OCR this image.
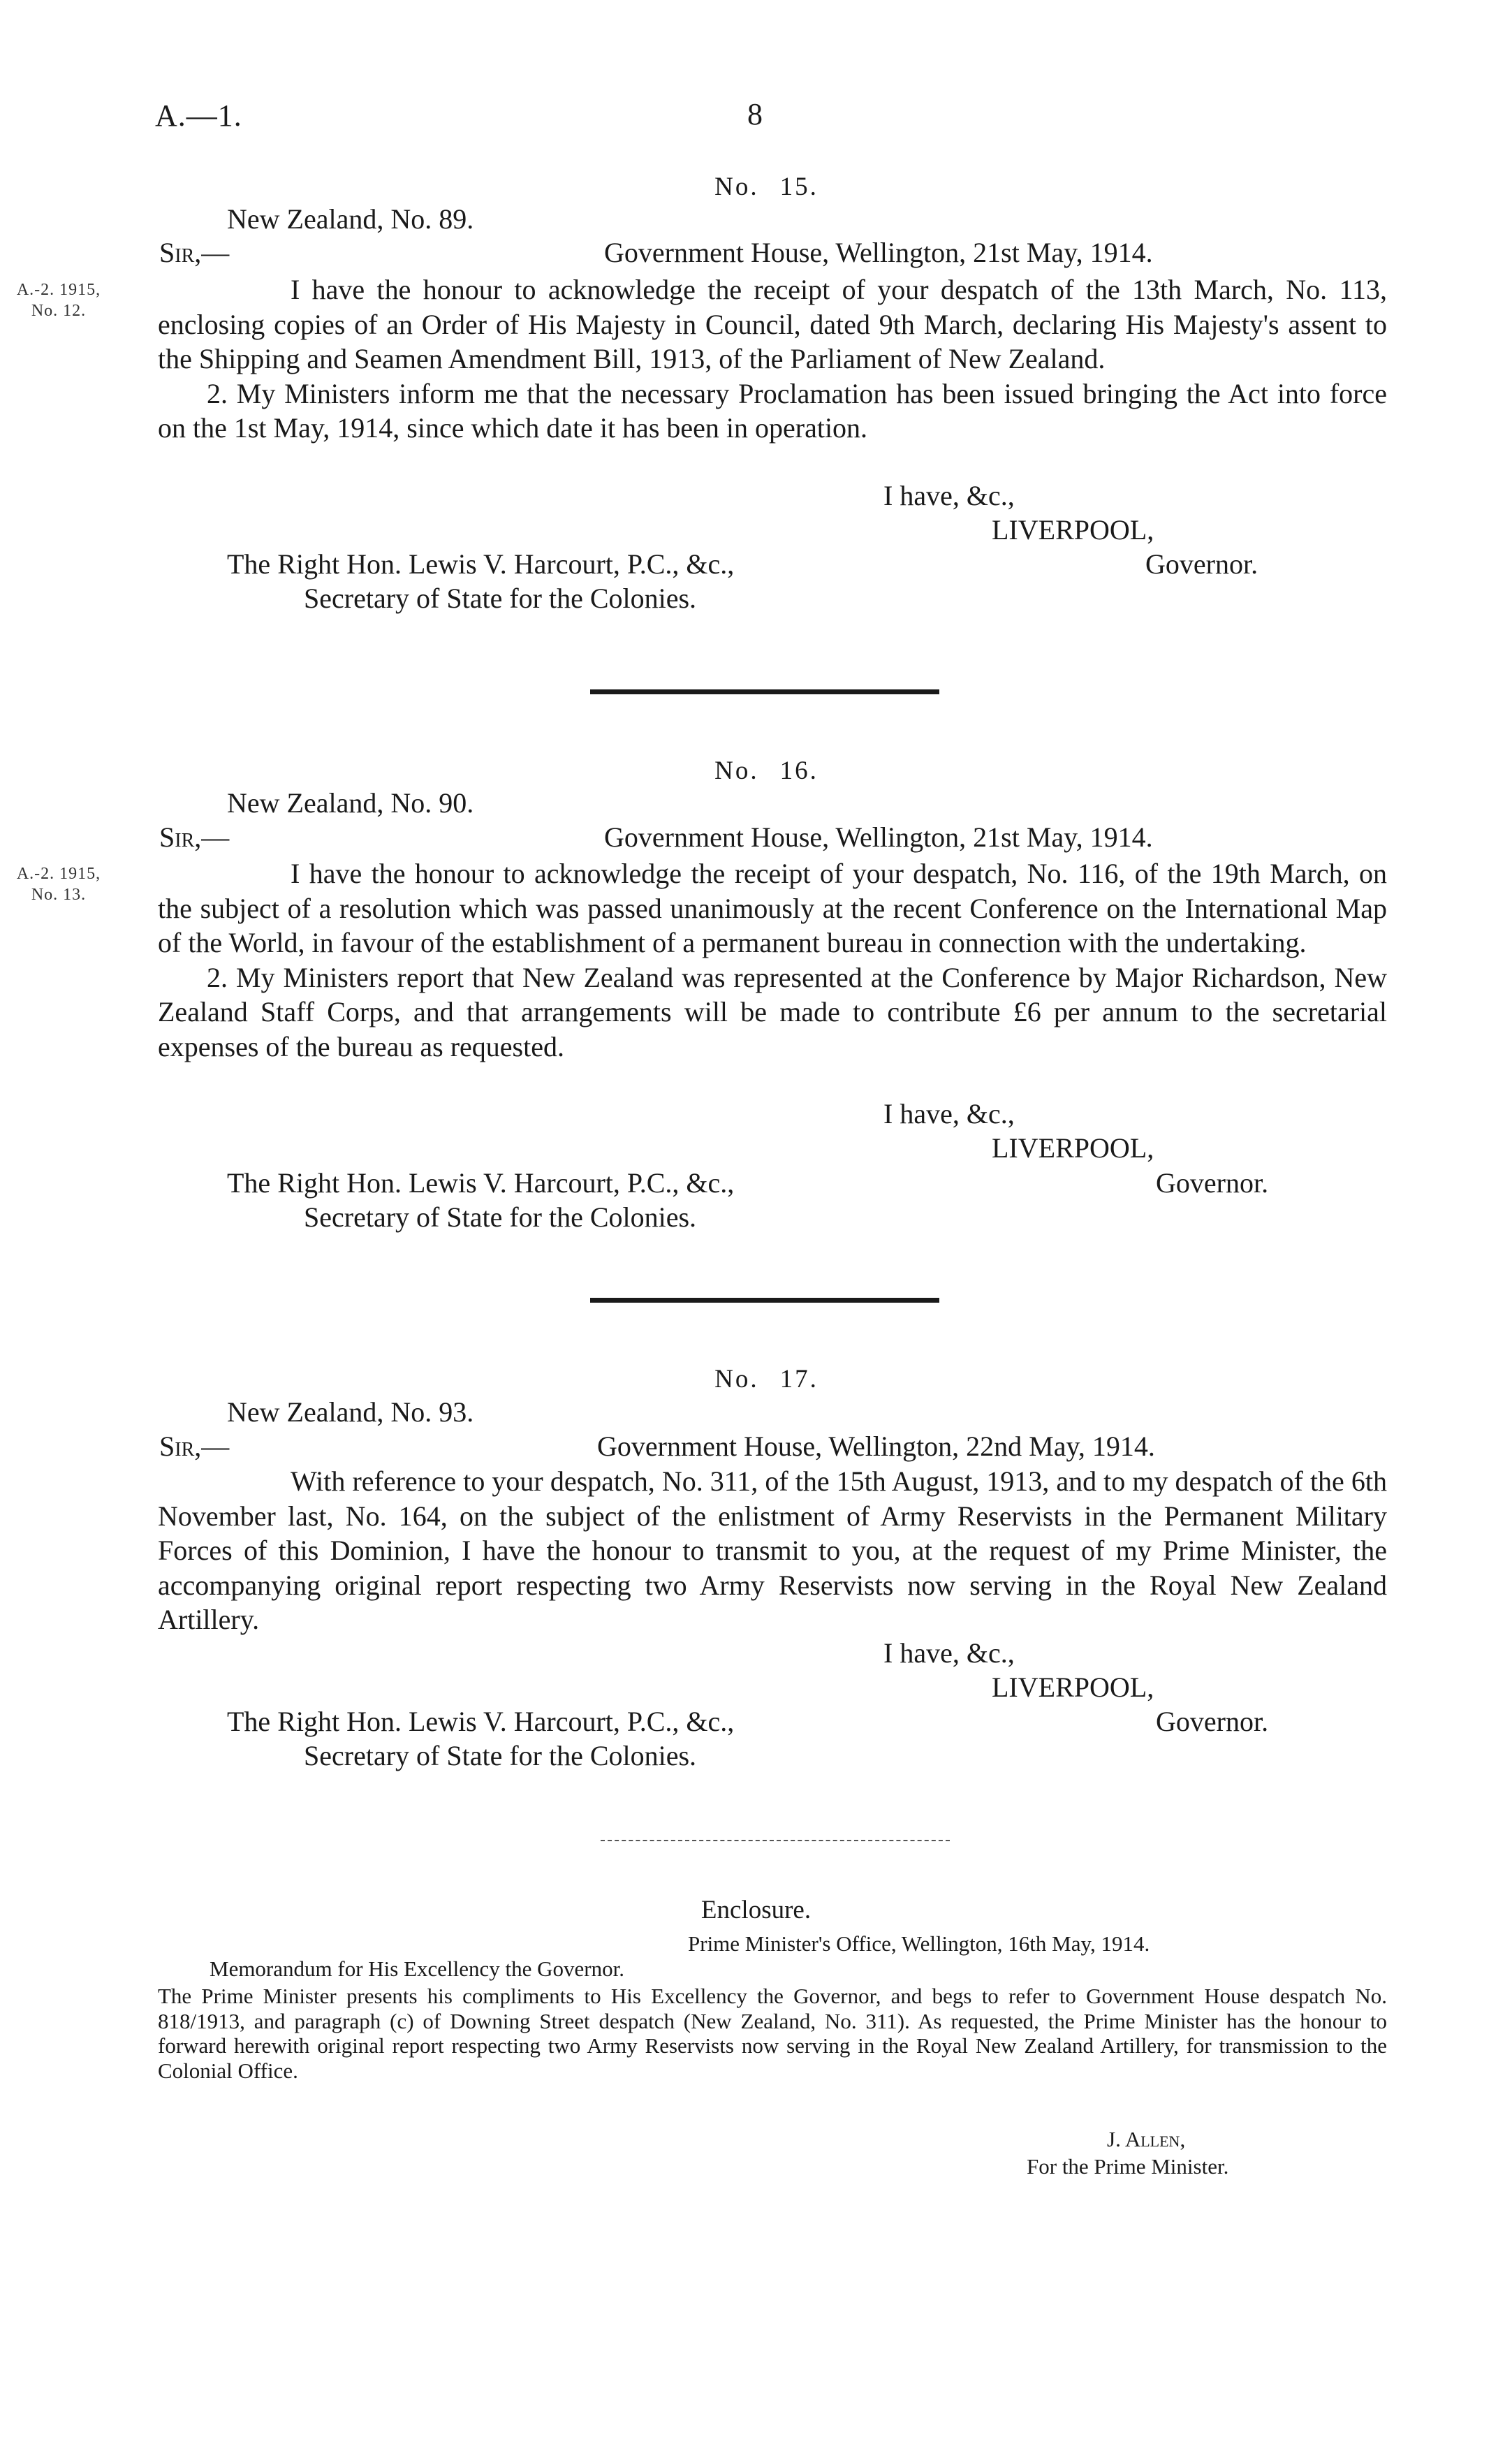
A.—1.	8
No. 15.
New Zealand, No. 89.
Sir,—	Government House, Wellington, 21st May, 1914.
A.-2. 1915,
No. 12.
I have the honour to acknowledge the receipt of your despatch of the 13th March, No. 113, enclosing copies of an Order of His Majesty in Council, dated 9th March, declaring His Majesty's assent to the Shipping and Seamen Amendment Bill, 1913, of the Parliament of New Zealand.
2. My Ministers inform me that the necessary Proclamation has been issued bringing the Act into force on the 1st May, 1914, since which date it has been in operation.
I have, &c.,
LIVERPOOL,
The Right Hon. Lewis V. Harcourt, P.C., &c.,	Governor.
Secretary of State for the Colonies.
No. 16.
New Zealand, No. 90.
Sir,—	Government House, Wellington, 21st May, 1914.
A.-2. 1915,
No. 13.
I have the honour to acknowledge the receipt of your despatch, No. 116, of the 19th March, on the subject of a resolution which was passed unanimously at the recent Conference on the International Map of the World, in favour of the establishment of a permanent bureau in connection with the undertaking.
2. My Ministers report that New Zealand was represented at the Conference by Major Richardson, New Zealand Staff Corps, and that arrangements will be made to contribute £6 per annum to the secretarial expenses of the bureau as requested.
I have, &c.,
LIVERPOOL,
The Right Hon. Lewis V. Harcourt, P.C., &c.,	Governor.
Secretary of State for the Colonies.
No. 17.
New Zealand, No. 93.
Sir,—	Government House, Wellington, 22nd May, 1914.
With reference to your despatch, No. 311, of the 15th August, 1913, and to my despatch of the 6th November last, No. 164, on the subject of the enlistment of Army Reservists in the Permanent Military Forces of this Dominion, I have the honour to transmit to you, at the request of my Prime Minister, the accompanying original report respecting two Army Reservists now serving in the Royal New Zealand Artillery.
I have, &c.,
LIVERPOOL,
The Right Hon. Lewis V. Harcourt, P.C., &c.,	Governor.
Secretary of State for the Colonies.
Enclosure.
Prime Minister's Office, Wellington, 16th May, 1914.
Memorandum for His Excellency the Governor.
The Prime Minister presents his compliments to His Excellency the Governor, and begs to refer to Government House despatch No. 818/1913, and paragraph (c) of Downing Street despatch (New Zealand, No. 311). As requested, the Prime Minister has the honour to forward herewith original report respecting two Army Reservists now serving in the Royal New Zealand Artillery, for transmission to the Colonial Office.
J. Allen,
For the Prime Minister.
